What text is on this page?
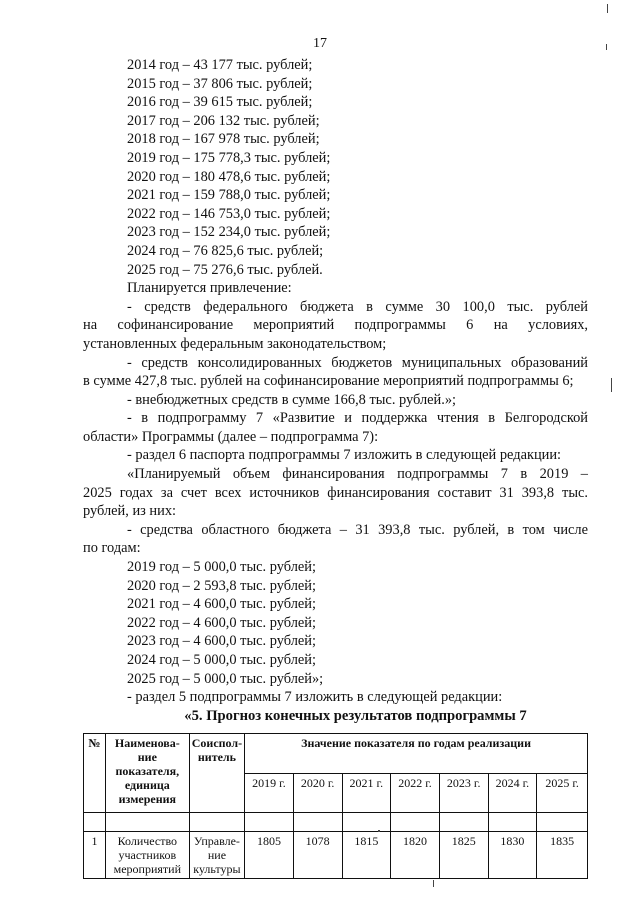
17
2014 год – 43 177 тыс. рублей;
2015 год – 37 806 тыс. рублей;
2016 год – 39 615 тыс. рублей;
2017 год – 206 132 тыс. рублей;
2018 год – 167 978 тыс. рублей;
2019 год – 175 778,3 тыс. рублей;
2020 год – 180 478,6 тыс. рублей;
2021 год – 159 788,0 тыс. рублей;
2022 год – 146 753,0 тыс. рублей;
2023 год – 152 234,0 тыс. рублей;
2024 год – 76 825,6 тыс. рублей;
2025 год – 75 276,6 тыс. рублей.
Планируется привлечение:
- средств федерального бюджета в сумме 30 100,0 тыс. рублей
на софинансирование мероприятий подпрограммы 6 на условиях,
установленных федеральным законодательством;
- средств консолидированных бюджетов муниципальных образований
в сумме 427,8 тыс. рублей на софинансирование мероприятий подпрограммы 6;
- внебюджетных средств в сумме 166,8 тыс. рублей.»;
- в подпрограмму 7 «Развитие и поддержка чтения в Белгородской
области» Программы (далее – подпрограмма 7):
- раздел 6 паспорта подпрограммы 7 изложить в следующей редакции:
«Планируемый объем финансирования подпрограммы 7 в 2019 –
2025 годах за счет всех источников финансирования составит 31 393,8 тыс.
рублей, из них:
- средства областного бюджета – 31 393,8 тыс. рублей, в том числе
по годам:
2019 год – 5 000,0 тыс. рублей;
2020 год – 2 593,8 тыс. рублей;
2021 год – 4 600,0 тыс. рублей;
2022 год – 4 600,0 тыс. рублей;
2023 год – 4 600,0 тыс. рублей;
2024 год – 5 000,0 тыс. рублей;
2025 год – 5 000,0 тыс. рублей»;
- раздел 5 подпрограммы 7 изложить в следующей редакции:
«5. Прогноз конечных результатов подпрограммы 7
№	Наименова-ние показателя, единица измерения	Соиспол-нитель	Значение показателя по годам реализации						
			2019 г.	2020 г.	2021 г.	2022 г.	2023 г.	2024 г.	2025 г.

1	Количество участников мероприятий	Управле-ние культуры	1805	1078	1815	1820	1825	1830	1835
